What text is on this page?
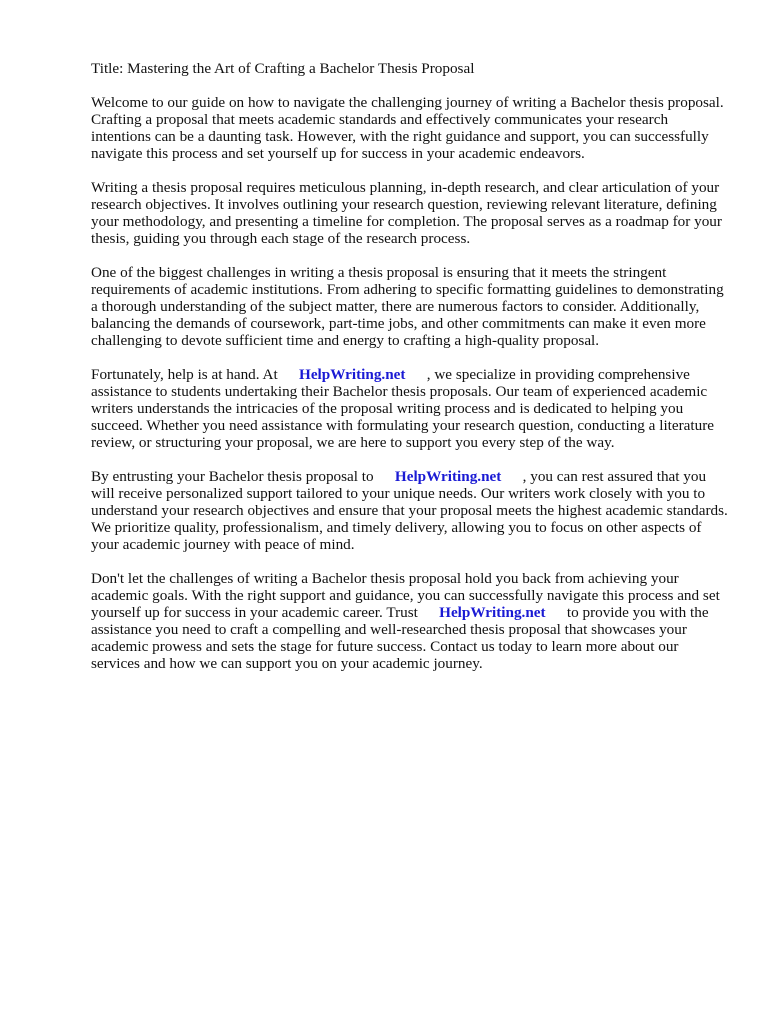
Title: Mastering the Art of Crafting a Bachelor Thesis Proposal

Welcome to our guide on how to navigate the challenging journey of writing a Bachelor thesis proposal. Crafting a proposal that meets academic standards and effectively communicates your research intentions can be a daunting task. However, with the right guidance and support, you can successfully navigate this process and set yourself up for success in your academic endeavors.

Writing a thesis proposal requires meticulous planning, in-depth research, and clear articulation of your research objectives. It involves outlining your research question, reviewing relevant literature, defining your methodology, and presenting a timeline for completion. The proposal serves as a roadmap for your thesis, guiding you through each stage of the research process.

One of the biggest challenges in writing a thesis proposal is ensuring that it meets the stringent requirements of academic institutions. From adhering to specific formatting guidelines to demonstrating a thorough understanding of the subject matter, there are numerous factors to consider. Additionally, balancing the demands of coursework, part-time jobs, and other commitments can make it even more challenging to devote sufficient time and energy to crafting a high-quality proposal.

Fortunately, help is at hand. At HelpWriting.net , we specialize in providing comprehensive assistance to students undertaking their Bachelor thesis proposals. Our team of experienced academic writers understands the intricacies of the proposal writing process and is dedicated to helping you succeed. Whether you need assistance with formulating your research question, conducting a literature review, or structuring your proposal, we are here to support you every step of the way.

By entrusting your Bachelor thesis proposal to HelpWriting.net , you can rest assured that you will receive personalized support tailored to your unique needs. Our writers work closely with you to understand your research objectives and ensure that your proposal meets the highest academic standards. We prioritize quality, professionalism, and timely delivery, allowing you to focus on other aspects of your academic journey with peace of mind.

Don't let the challenges of writing a Bachelor thesis proposal hold you back from achieving your academic goals. With the right support and guidance, you can successfully navigate this process and set yourself up for success in your academic career. Trust HelpWriting.net to provide you with the assistance you need to craft a compelling and well-researched thesis proposal that showcases your academic prowess and sets the stage for future success. Contact us today to learn more about our services and how we can support you on your academic journey.
